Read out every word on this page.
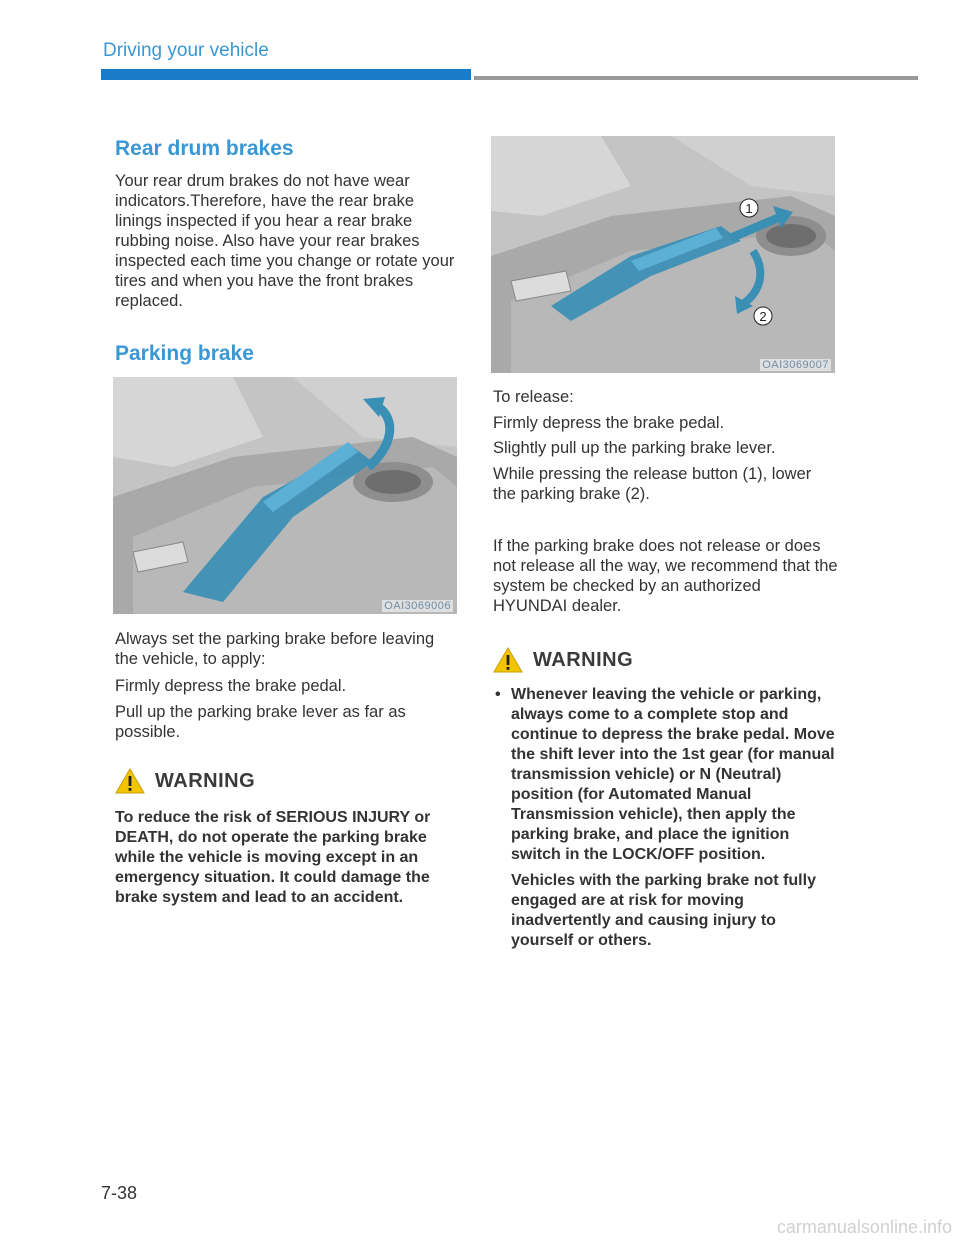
Driving your vehicle
Rear drum brakes

Your rear drum brakes do not have wear indicators.Therefore, have the rear brake linings inspected if you hear a rear brake rubbing noise. Also have your rear brakes inspected each time you change or rotate your tires and when you have the front brakes replaced.

Parking brake
OAI3069006

Always set the parking brake before leaving the vehicle, to apply:

Firmly depress the brake pedal.

Pull up the parking brake lever as far as possible.

WARNING

To reduce the risk of SERIOUS INJURY or DEATH, do not operate the parking brake while the vehicle is moving except in an emergency situation. It could damage the brake system and lead to an accident.

1
2
OAI3069007

To release:

Firmly depress the brake pedal.

Slightly pull up the parking brake lever.

While pressing the release button (1), lower the parking brake (2).

If the parking brake does not release or does not release all the way, we recommend that the system be checked by an authorized HYUNDAI dealer.

WARNING
• Whenever leaving the vehicle or parking, always come to a complete stop and continue to depress the brake pedal. Move the shift lever into the 1st gear (for manual transmission vehicle) or N (Neutral) position (for Automated Manual Transmission vehicle), then apply the parking brake, and place the ignition switch in the LOCK/OFF position.
Vehicles with the parking brake not fully engaged are at risk for moving inadvertently and causing injury to yourself or others.
7-38
carmanualsonline.info
